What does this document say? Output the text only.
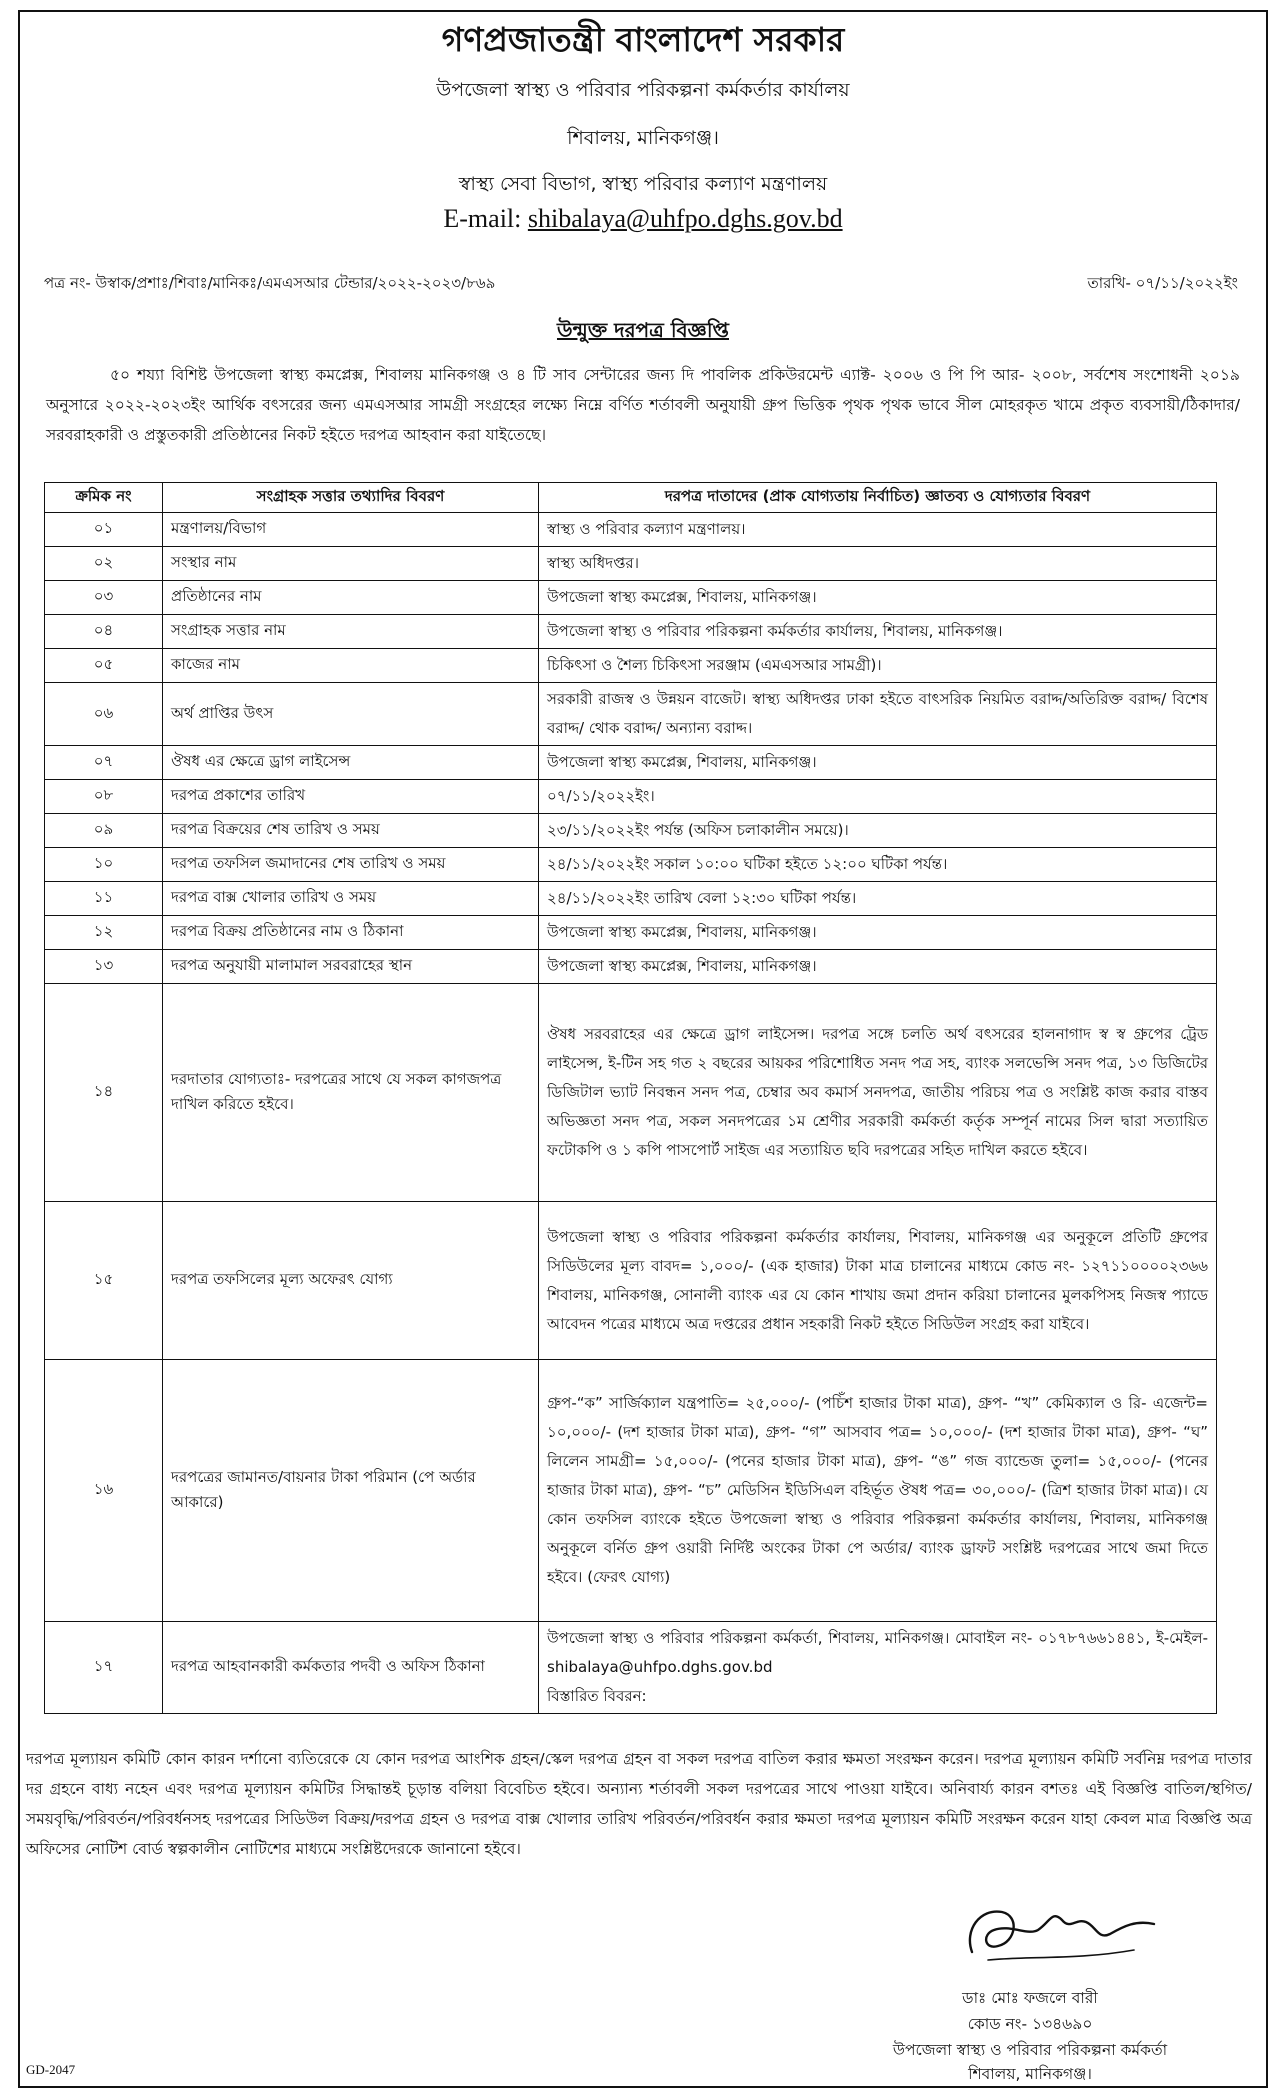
গণপ্রজাতন্ত্রী বাংলাদেশ সরকার
উপজেলা স্বাস্থ্য ও পরিবার পরিকল্পনা কর্মকর্তার কার্যালয়
শিবালয়, মানিকগঞ্জ।
স্বাস্থ্য সেবা বিভাগ, স্বাস্থ্য পরিবার কল্যাণ মন্ত্রণালয়
E-mail: shibalaya@uhfpo.dghs.gov.bd
পত্র নং- উস্বাক/প্রশাঃ/শিবাঃ/মানিকঃ/এমএসআর টেন্ডার/২০২২-২০২৩/৮৬৯	তারখি- ০৭/১১/২০২২ইং
উন্মুক্ত দরপত্র বিজ্ঞপ্তি
৫০ শয্যা বিশিষ্ট উপজেলা স্বাস্থ্য কমপ্লেক্স, শিবালয় মানিকগঞ্জ ও ৪ টি সাব সেন্টারের জন্য দি পাবলিক প্রকিউরমেন্ট এ্যাক্ট- ২০০৬ ও পি পি আর- ২০০৮, সর্বশেষ সংশোধনী ২০১৯ অনুসারে ২০২২-২০২৩ইং আর্থিক বৎসরের জন্য এমএসআর সামগ্রী সংগ্রহের লক্ষ্যে নিম্নে বর্ণিত শর্তাবলী অনুযায়ী গ্রুপ ভিত্তিক পৃথক পৃথক ভাবে সীল মোহরকৃত খামে প্রকৃত ব্যবসায়ী/ঠিকাদার/সরবরাহকারী ও প্রস্তুতকারী প্রতিষ্ঠানের নিকট হইতে দরপত্র আহবান করা যাইতেছে।
ক্রমিক নং	সংগ্রাহক সত্তার তথ্যাদির বিবরণ	দরপত্র দাতাদের (প্রাক যোগ্যতায় নির্বাচিত) জ্ঞাতব্য ও যোগ্যতার বিবরণ
০১	মন্ত্রণালয়/বিভাগ	স্বাস্থ্য ও পরিবার কল্যাণ মন্ত্রণালয়।
০২	সংস্থার নাম	স্বাস্থ্য অধিদপ্তর।
০৩	প্রতিষ্ঠানের নাম	উপজেলা স্বাস্থ্য কমপ্লেক্স, শিবালয়, মানিকগঞ্জ।
০৪	সংগ্রাহক সত্তার নাম	উপজেলা স্বাস্থ্য ও পরিবার পরিকল্পনা কর্মকর্তার কার্যালয়, শিবালয়, মানিকগঞ্জ।
০৫	কাজের নাম	চিকিৎসা ও শৈল্য চিকিৎসা সরঞ্জাম (এমএসআর সামগ্রী)।
০৬	অর্থ প্রাপ্তির উৎস	সরকারী রাজস্ব ও উন্নয়ন বাজেট। স্বাস্থ্য অধিদপ্তর ঢাকা হইতে বাৎসরিক নিয়মিত বরাদ্দ/অতিরিক্ত বরাদ্দ/ বিশেষ বরাদ্দ/ থোক বরাদ্দ/ অন্যান্য বরাদ্দ।
০৭	ঔষধ এর ক্ষেত্রে ড্রাগ লাইসেন্স	উপজেলা স্বাস্থ্য কমপ্লেক্স, শিবালয়, মানিকগঞ্জ।
০৮	দরপত্র প্রকাশের তারিখ	০৭/১১/২০২২ইং।
০৯	দরপত্র বিক্রয়ের শেষ তারিখ ও সময়	২৩/১১/২০২২ইং পর্যন্ত (অফিস চলাকালীন সময়ে)।
১০	দরপত্র তফসিল জমাদানের শেষ তারিখ ও সময়	২৪/১১/২০২২ইং সকাল ১০:০০ ঘটিকা হইতে ১২:০০ ঘটিকা পর্যন্ত।
১১	দরপত্র বাক্স খোলার তারিখ ও সময়	২৪/১১/২০২২ইং তারিখ বেলা ১২:৩০ ঘটিকা পর্যন্ত।
১২	দরপত্র বিক্রয় প্রতিষ্ঠানের নাম ও ঠিকানা	উপজেলা স্বাস্থ্য কমপ্লেক্স, শিবালয়, মানিকগঞ্জ।
১৩	দরপত্র অনুযায়ী মালামাল সরবরাহের স্থান	উপজেলা স্বাস্থ্য কমপ্লেক্স, শিবালয়, মানিকগঞ্জ।
১৪	দরদাতার যোগ্যতাঃ- দরপত্রের সাথে যে সকল কাগজপত্র দাখিল করিতে হইবে।	ঔষধ সরবরাহের এর ক্ষেত্রে ড্রাগ লাইসেন্স। দরপত্র সঙ্গে চলতি অর্থ বৎসরের হালনাগাদ স্ব স্ব গ্রুপের ট্রেড লাইসেন্স, ই-টিন সহ গত ২ বছরের আয়কর পরিশোধিত সনদ পত্র সহ, ব্যাংক সলভেন্সি সনদ পত্র, ১৩ ডিজিটের ডিজিটাল ভ্যাট নিবন্ধন সনদ পত্র, চেম্বার অব কমার্স সনদপত্র, জাতীয় পরিচয় পত্র ও সংশ্লিষ্ট কাজ করার বাস্তব অভিজ্ঞতা সনদ পত্র, সকল সনদপত্রের ১ম শ্রেণীর সরকারী কর্মকর্তা কর্তৃক সম্পূর্ন নামের সিল দ্বারা সত্যায়িত ফটোকপি ও ১ কপি পাসপোর্ট সাইজ এর সত্যায়িত ছবি দরপত্রের সহিত দাখিল করতে হইবে।
১৫	দরপত্র তফসিলের মূল্য অফেরৎ যোগ্য	উপজেলা স্বাস্থ্য ও পরিবার পরিকল্পনা কর্মকর্তার কার্যালয়, শিবালয়, মানিকগঞ্জ এর অনুকূলে প্রতিটি গ্রুপের সিডিউলের মূল্য বাবদ= ১,০০০/- (এক হাজার) টাকা মাত্র চালানের মাধ্যমে কোড নং- ১২৭১১০০০০২৩৬৬ শিবালয়, মানিকগঞ্জ, সোনালী ব্যাংক এর যে কোন শাখায় জমা প্রদান করিয়া চালানের মুলকপিসহ নিজস্ব প্যাডে আবেদন পত্রের মাধ্যমে অত্র দপ্তরের প্রধান সহকারী নিকট হইতে সিডিউল সংগ্রহ করা যাইবে।
১৬	দরপত্রের জামানত/বায়নার টাকা পরিমান (পে অর্ডার আকারে)	গ্রুপ-“ক” সার্জিক্যাল যন্ত্রপাতি= ২৫,০০০/- (পচিঁশ হাজার টাকা মাত্র), গ্রুপ- “খ” কেমিক্যাল ও রি- এজেন্ট= ১০,০০০/- (দশ হাজার টাকা মাত্র), গ্রুপ- “গ” আসবাব পত্র= ১০,০০০/- (দশ হাজার টাকা মাত্র), গ্রুপ- “ঘ” লিলেন সামগ্রী= ১৫,০০০/- (পনের হাজার টাকা মাত্র), গ্রুপ- “ঙ” গজ ব্যান্ডেজ তুলা= ১৫,০০০/- (পনের হাজার টাকা মাত্র), গ্রুপ- “চ” মেডিসিন ইডিসিএল বহির্ভূত ঔষধ পত্র= ৩০,০০০/- (ত্রিশ হাজার টাকা মাত্র)। যে কোন তফসিল ব্যাংকে হইতে উপজেলা স্বাস্থ্য ও পরিবার পরিকল্পনা কর্মকর্তার কার্যালয়, শিবালয়, মানিকগঞ্জ অনুকূলে বর্নিত গ্রুপ ওয়ারী নির্দিষ্ট অংকের টাকা পে অর্ডার/ ব্যাংক ড্রাফট সংশ্লিষ্ট দরপত্রের সাথে জমা দিতে হইবে। (ফেরৎ যোগ্য)
১৭	দরপত্র আহবানকারী কর্মকতার পদবী ও অফিস ঠিকানা	উপজেলা স্বাস্থ্য ও পরিবার পরিকল্পনা কর্মকর্তা, শিবালয়, মানিকগঞ্জ। মোবাইল নং- ০১৭৮৭৬৬১৪৪১, ই-মেইল- shibalaya@uhfpo.dghs.gov.bd
বিস্তারিত বিবরন:
দরপত্র মূল্যায়ন কমিটি কোন কারন দর্শানো ব্যতিরেকে যে কোন দরপত্র আংশিক গ্রহন/স্কেল দরপত্র গ্রহন বা সকল দরপত্র বাতিল করার ক্ষমতা সংরক্ষন করেন। দরপত্র মূল্যায়ন কমিটি সর্বনিম্ন দরপত্র দাতার দর গ্রহনে বাধ্য নহেন এবং দরপত্র মূল্যায়ন কমিটির সিদ্ধান্তই চূড়ান্ত বলিয়া বিবেচিত হইবে। অন্যান্য শর্তাবলী সকল দরপত্রের সাথে পাওয়া যাইবে। অনিবার্য্য কারন বশতঃ এই বিজ্ঞপ্তি বাতিল/স্থগিত/সময়বৃদ্ধি/পরিবর্তন/পরিবর্ধনসহ দরপত্রের সিডিউল বিক্রয়/দরপত্র গ্রহন ও দরপত্র বাক্স খোলার তারিখ পরিবর্তন/পরিবর্ধন করার ক্ষমতা দরপত্র মূল্যায়ন কমিটি সংরক্ষন করেন যাহা কেবল মাত্র বিজ্ঞপ্তি অত্র অফিসের নোটিশ বোর্ড স্বল্পকালীন নোটিশের মাধ্যমে সংশ্লিষ্টদেরকে জানানো হইবে।
ডাঃ মোঃ ফজলে বারী
কোড নং- ১৩৪৬৯০
উপজেলা স্বাস্থ্য ও পরিবার পরিকল্পনা কর্মকর্তা
শিবালয়, মানিকগঞ্জ।
GD-2047
